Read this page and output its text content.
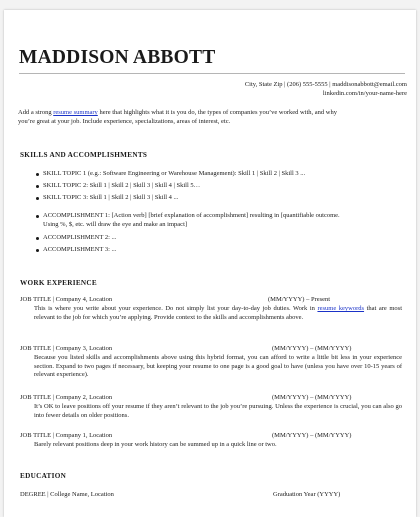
MADDISON ABBOTT
City, State Zip | (206) 555-5555 | maddisonabbott@email.com
linkedin.com/in/your-name-here
Add a strong resume summary here that highlights what it is you do, the types of companies you’ve worked with, and why
you’re great at your job. Include experience, specializations, areas of interest, etc.
SKILLS AND ACCOMPLISHMENTS
SKILL TOPIC 1 (e.g.: Software Engineering or Warehouse Management): Skill 1 | Skill 2 | Skill 3 ...
SKILL TOPIC 2: Skill 1 | Skill 2 | Skill 3 | Skill 4 | Skill 5…
SKILL TOPIC 3: Skill 1 | Skill 2 | Skill 3 | Skill 4 ...
ACCOMPLISHMENT 1: [Action verb] [brief explanation of accomplishment] resulting in [quantifiable outcome.
Using %, $, etc. will draw the eye and make an impact]
ACCOMPLISHMENT 2: ...
ACCOMPLISHMENT 3: ...
WORK EXPERIENCE
JOB TITLE | Company 4, Location	(MM/YYYY) – Present
This is where you write about your experience. Do not simply list your day-to-day job duties. Work in resume keywords that are most relevant to the job for which you’re applying. Provide context to the skills and accomplishments above.
JOB TITLE | Company 3, Location	(MM/YYYY) – (MM/YYYY)
Because you listed skills and accomplishments above using this hybrid format, you can afford to write a little bit less in your experience section. Expand to two pages if necessary, but keeping your resume to one page is a good goal to have (unless you have over 10-15 years of relevant experience).
JOB TITLE | Company 2, Location	(MM/YYYY) – (MM/YYYY)
It’s OK to leave positions off your resume if they aren’t relevant to the job you’re pursuing. Unless the experience is crucial, you can also go into fewer details on older positions.
JOB TITLE | Company 1, Location	(MM/YYYY) – (MM/YYYY)
Barely relevant positions deep in your work history can be summed up in a quick line or two.
EDUCATION
DEGREE | College Name, Location	Graduation Year (YYYY)
